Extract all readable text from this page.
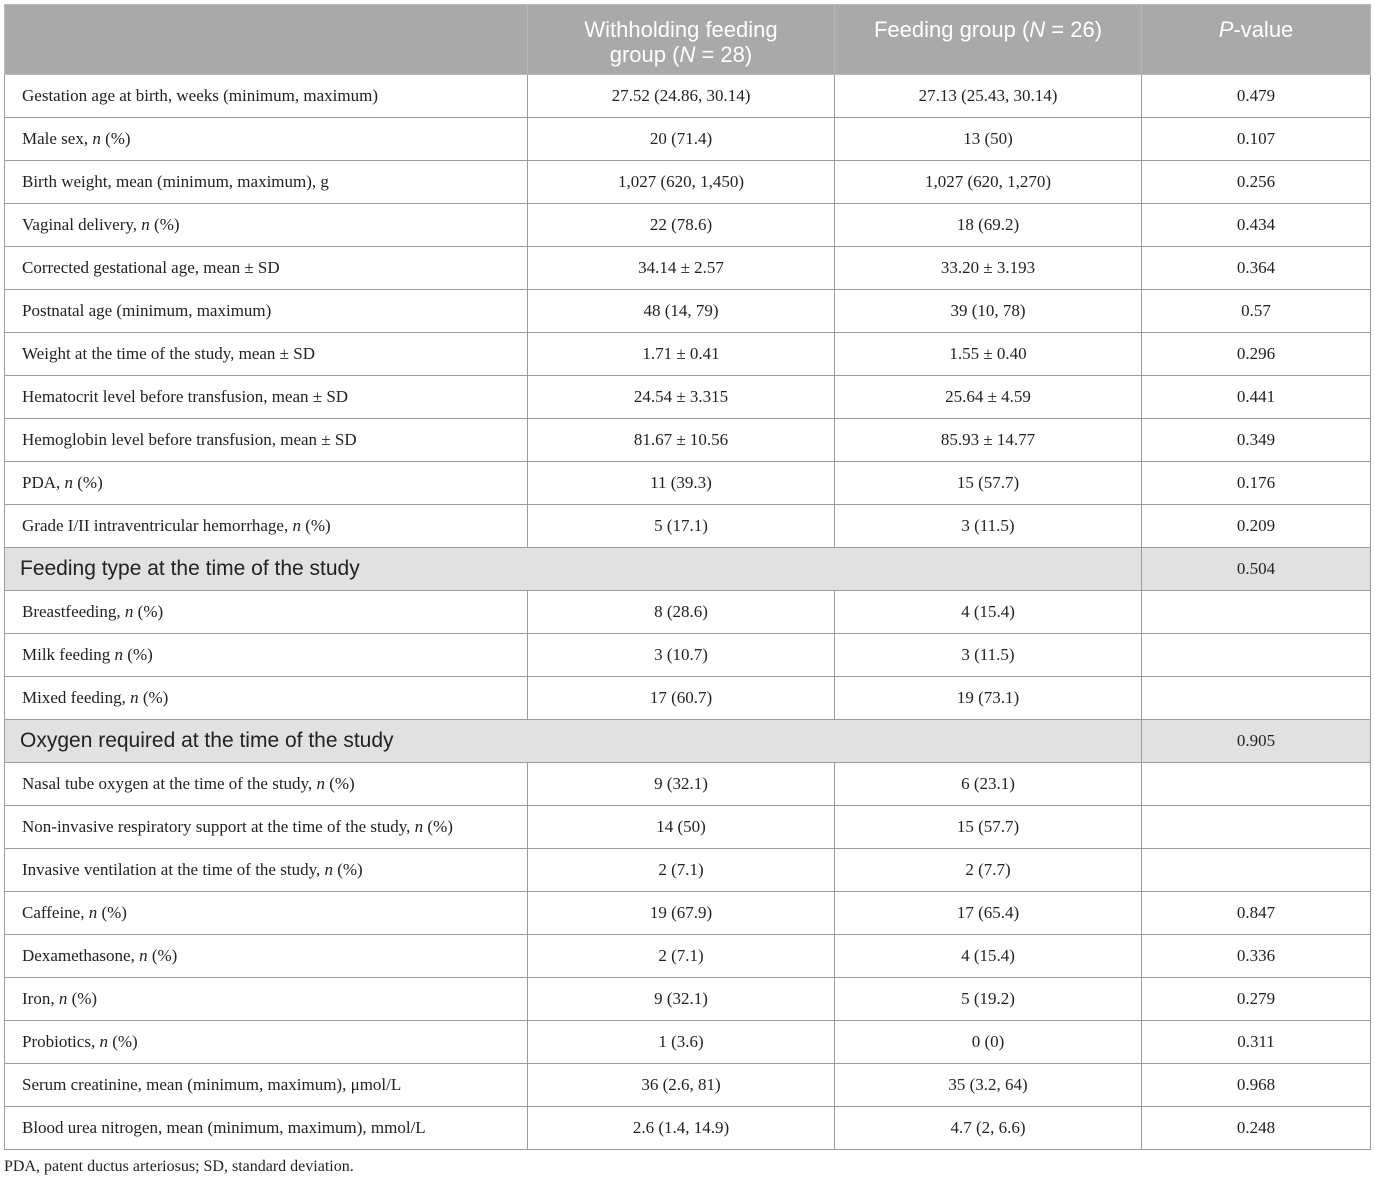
	Withholding feeding
group (N = 28)	Feeding group (N = 26)	P-value
Gestation age at birth, weeks (minimum, maximum)	27.52 (24.86, 30.14)	27.13 (25.43, 30.14)	0.479
Male sex, n (%)	20 (71.4)	13 (50)	0.107
Birth weight, mean (minimum, maximum), g	1,027 (620, 1,450)	1,027 (620, 1,270)	0.256
Vaginal delivery, n (%)	22 (78.6)	18 (69.2)	0.434
Corrected gestational age, mean ± SD	34.14 ± 2.57	33.20 ± 3.193	0.364
Postnatal age (minimum, maximum)	48 (14, 79)	39 (10, 78)	0.57
Weight at the time of the study, mean ± SD	1.71 ± 0.41	1.55 ± 0.40	0.296
Hematocrit level before transfusion, mean ± SD	24.54 ± 3.315	25.64 ± 4.59	0.441
Hemoglobin level before transfusion, mean ± SD	81.67 ± 10.56	85.93 ± 14.77	0.349
PDA, n (%)	11 (39.3)	15 (57.7)	0.176
Grade I/II intraventricular hemorrhage, n (%)	5 (17.1)	3 (11.5)	0.209
Feeding type at the time of the study			0.504
Breastfeeding, n (%)	8 (28.6)	4 (15.4)	
Milk feeding n (%)	3 (10.7)	3 (11.5)	
Mixed feeding, n (%)	17 (60.7)	19 (73.1)	
Oxygen required at the time of the study			0.905
Nasal tube oxygen at the time of the study, n (%)	9 (32.1)	6 (23.1)	
Non-invasive respiratory support at the time of the study, n (%)	14 (50)	15 (57.7)	
Invasive ventilation at the time of the study, n (%)	2 (7.1)	2 (7.7)	
Caffeine, n (%)	19 (67.9)	17 (65.4)	0.847
Dexamethasone, n (%)	2 (7.1)	4 (15.4)	0.336
Iron, n (%)	9 (32.1)	5 (19.2)	0.279
Probiotics, n (%)	1 (3.6)	0 (0)	0.311
Serum creatinine, mean (minimum, maximum), μmol/L	36 (2.6, 81)	35 (3.2, 64)	0.968
Blood urea nitrogen, mean (minimum, maximum), mmol/L	2.6 (1.4, 14.9)	4.7 (2, 6.6)	0.248
PDA, patent ductus arteriosus; SD, standard deviation.
